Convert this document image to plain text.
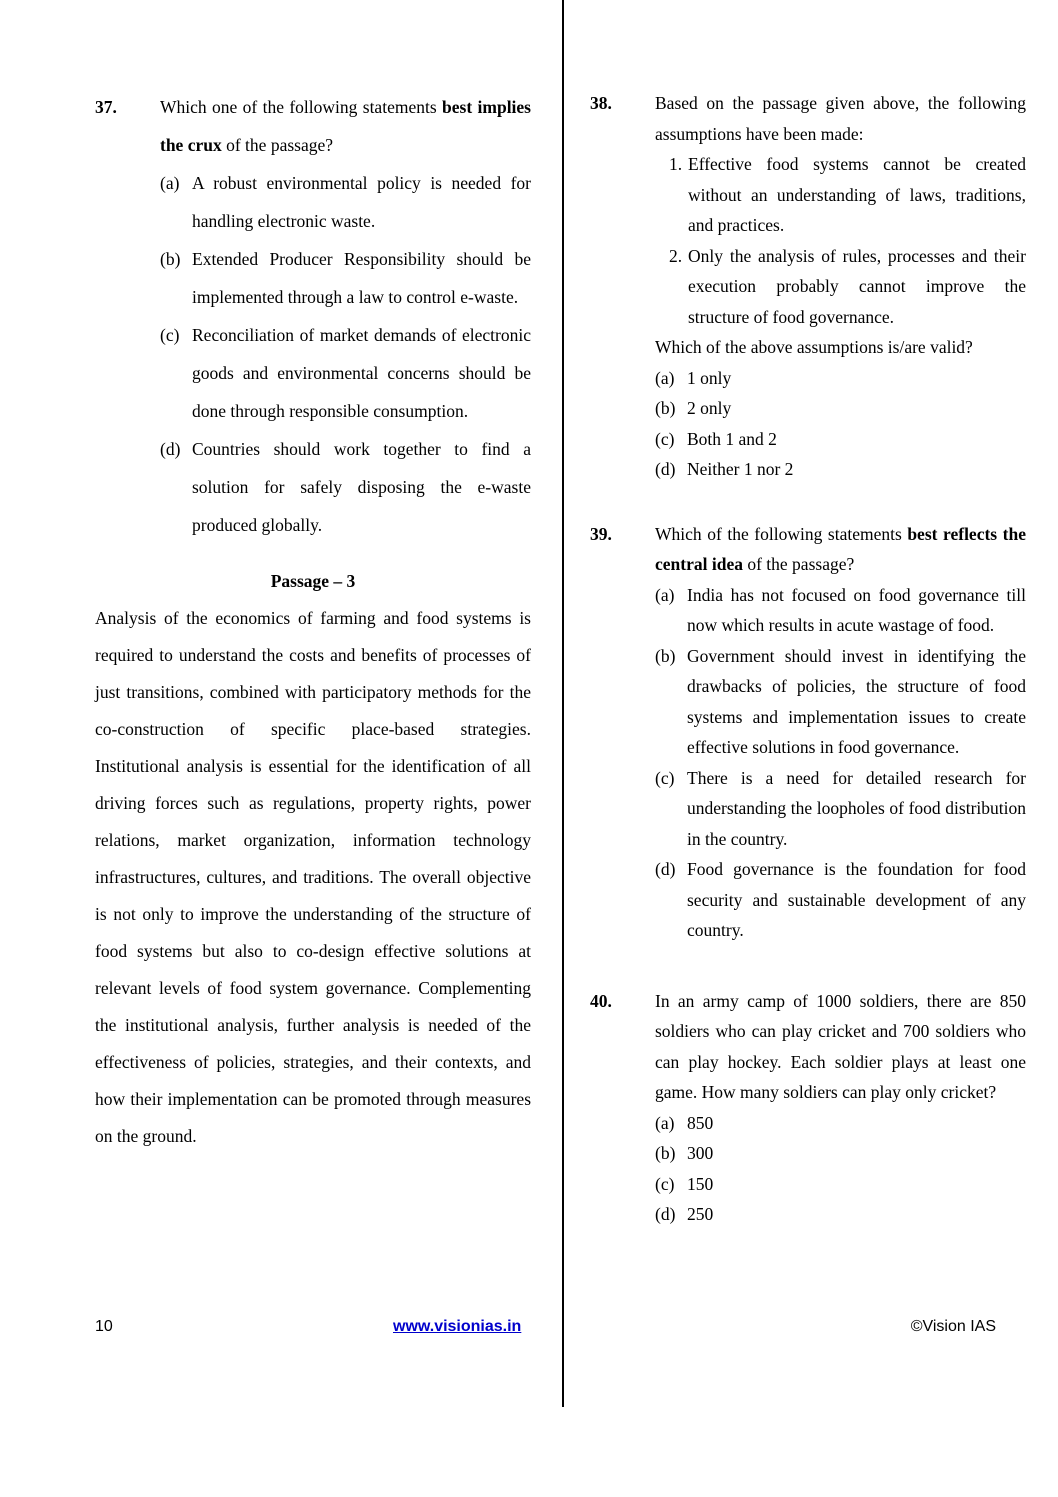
37.	Which one of the following statements best implies the crux of the passage?
(a) A robust environmental policy is needed for handling electronic waste.
(b) Extended Producer Responsibility should be implemented through a law to control e-waste.
(c) Reconciliation of market demands of electronic goods and environmental concerns should be done through responsible consumption.
(d) Countries should work together to find a solution for safely disposing the e-waste produced globally.
Passage – 3
Analysis of the economics of farming and food systems is required to understand the costs and benefits of processes of just transitions, combined with participatory methods for the co-construction of specific place-based strategies. Institutional analysis is essential for the identification of all driving forces such as regulations, property rights, power relations, market organization, information technology infrastructures, cultures, and traditions. The overall objective is not only to improve the understanding of the structure of food systems but also to co-design effective solutions at relevant levels of food system governance. Complementing the institutional analysis, further analysis is needed of the effectiveness of policies, strategies, and their contexts, and how their implementation can be promoted through measures on the ground.
38.	Based on the passage given above, the following assumptions have been made:
1. Effective food systems cannot be created without an understanding of laws, traditions, and practices.
2. Only the analysis of rules, processes and their execution probably cannot improve the structure of food governance.
Which of the above assumptions is/are valid?
(a) 1 only
(b) 2 only
(c) Both 1 and 2
(d) Neither 1 nor 2
39.	Which of the following statements best reflects the central idea of the passage?
(a) India has not focused on food governance till now which results in acute wastage of food.
(b) Government should invest in identifying the drawbacks of policies, the structure of food systems and implementation issues to create effective solutions in food governance.
(c) There is a need for detailed research for understanding the loopholes of food distribution in the country.
(d) Food governance is the foundation for food security and sustainable development of any country.
40.	In an army camp of 1000 soldiers, there are 850 soldiers who can play cricket and 700 soldiers who can play hockey. Each soldier plays at least one game. How many soldiers can play only cricket?
(a) 850
(b) 300
(c) 150
(d) 250
10	www.visionias.in	©Vision IAS
